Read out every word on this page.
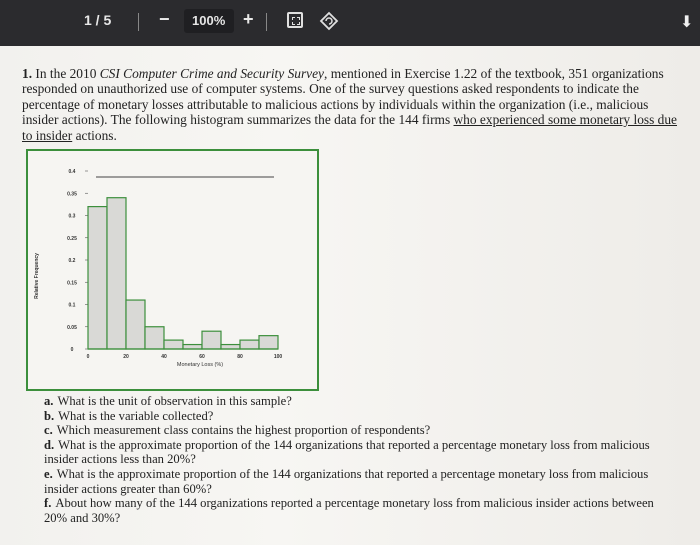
1 / 5	− 100% +	⬇
1. In the 2010 CSI Computer Crime and Security Survey, mentioned in Exercise 1.22 of the textbook, 351 organizations responded on unauthorized use of computer systems. One of the survey questions asked respondents to indicate the percentage of monetary losses attributable to malicious actions by individuals within the organization (i.e., malicious insider actions). The following histogram summarizes the data for the 144 firms who experienced some monetary loss due to insider actions.
0
0.05
0.1
0.15
0.2
0.25
0.3
0.35
0.4
0	20	40	60	80	100
Relative Frequency
Monetary Loss (%)

a. What is the unit of observation in this sample?

b. What is the variable collected?

c. Which measurement class contains the highest proportion of respondents?

d. What is the approximate proportion of the 144 organizations that reported a percentage monetary loss from malicious insider actions less than 20%?

e. What is the approximate proportion of the 144 organizations that reported a percentage monetary loss from malicious insider actions greater than 60%?

f. About how many of the 144 organizations reported a percentage monetary loss from malicious insider actions between 20% and 30%?
